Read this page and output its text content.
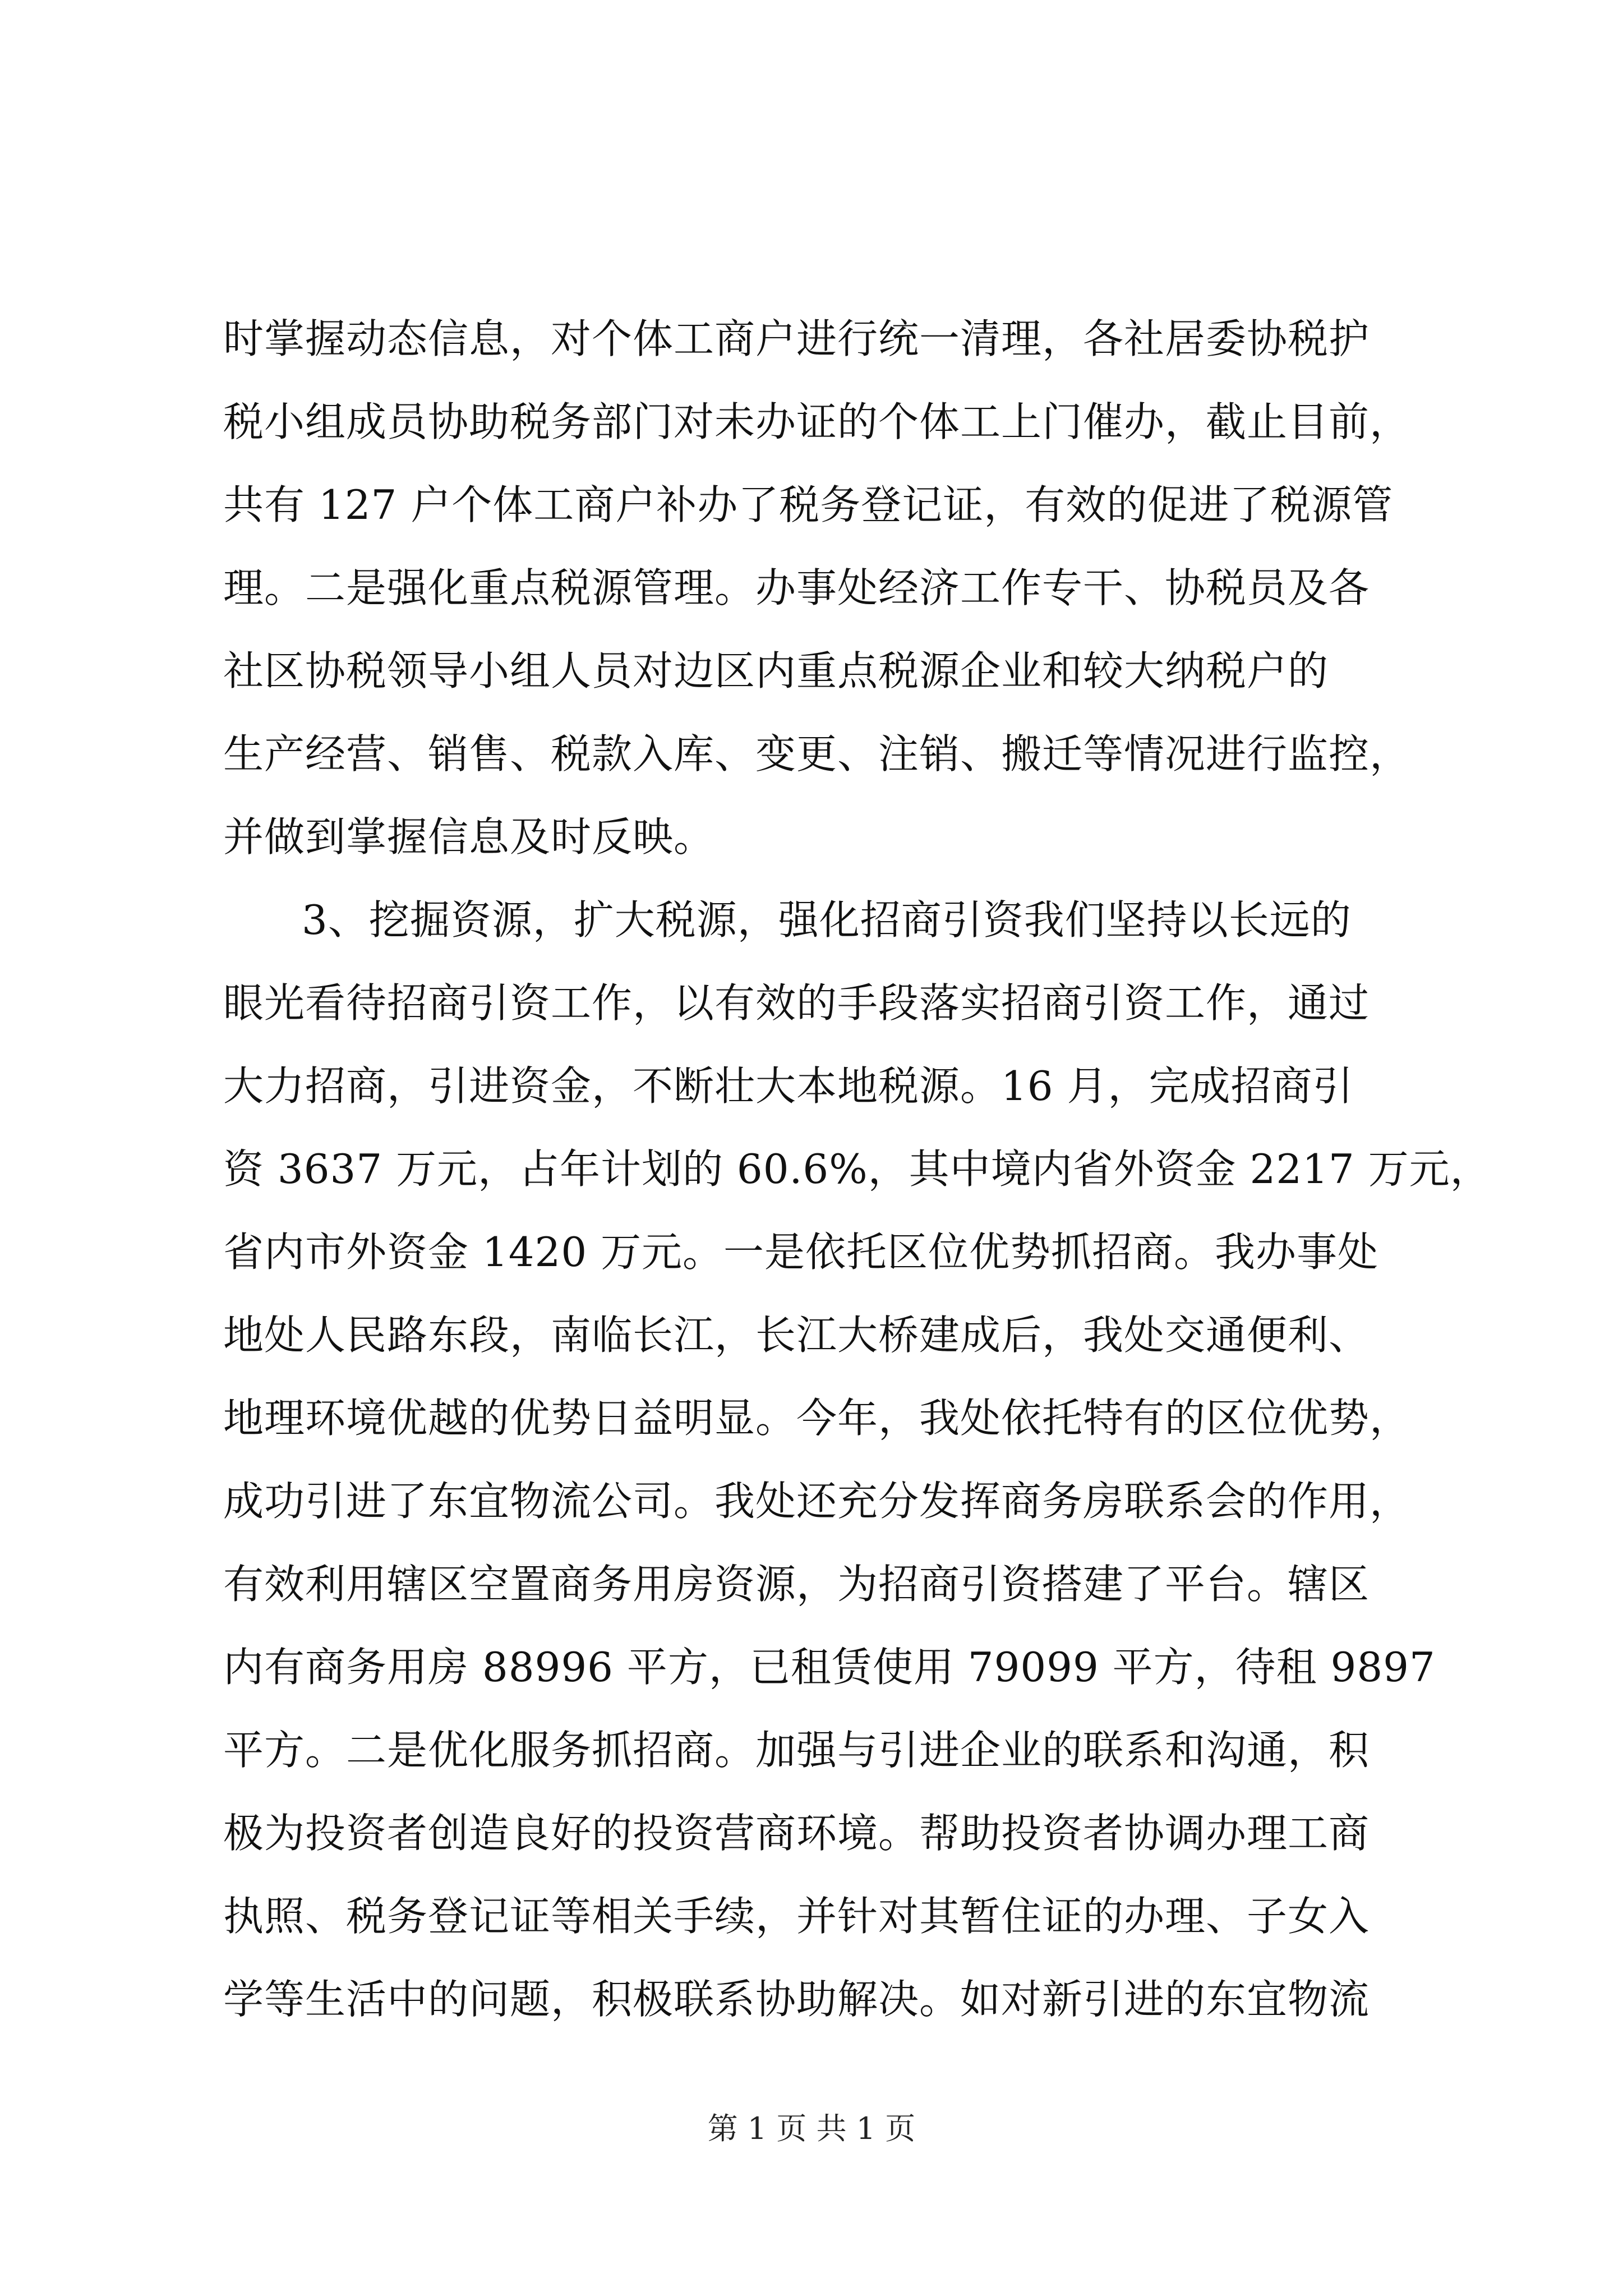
时掌握动态信息，对个体工商户进行统一清理，各社居委协税护
税小组成员协助税务部门对未办证的个体工上门催办，截止目前，
共有 127 户个体工商户补办了税务登记证，有效的促进了税源管
理。二是强化重点税源管理。办事处经济工作专干、协税员及各
社区协税领导小组人员对边区内重点税源企业和较大纳税户的
生产经营、销售、税款入库、变更、注销、搬迁等情况进行监控，
并做到掌握信息及时反映。
3、挖掘资源，扩大税源，强化招商引资我们坚持以长远的
眼光看待招商引资工作，以有效的手段落实招商引资工作，通过
大力招商，引进资金，不断壮大本地税源。16 月，完成招商引
资 3637 万元，占年计划的 60.6%，其中境内省外资金 2217 万元，
省内市外资金 1420 万元。一是依托区位优势抓招商。我办事处
地处人民路东段，南临长江，长江大桥建成后，我处交通便利、
地理环境优越的优势日益明显。今年，我处依托特有的区位优势，
成功引进了东宜物流公司。我处还充分发挥商务房联系会的作用，
有效利用辖区空置商务用房资源，为招商引资搭建了平台。辖区
内有商务用房 88996 平方，已租赁使用 79099 平方，待租 9897
平方。二是优化服务抓招商。加强与引进企业的联系和沟通，积
极为投资者创造良好的投资营商环境。帮助投资者协调办理工商
执照、税务登记证等相关手续，并针对其暂住证的办理、子女入
学等生活中的问题，积极联系协助解决。如对新引进的东宜物流
第 1 页 共 1 页
